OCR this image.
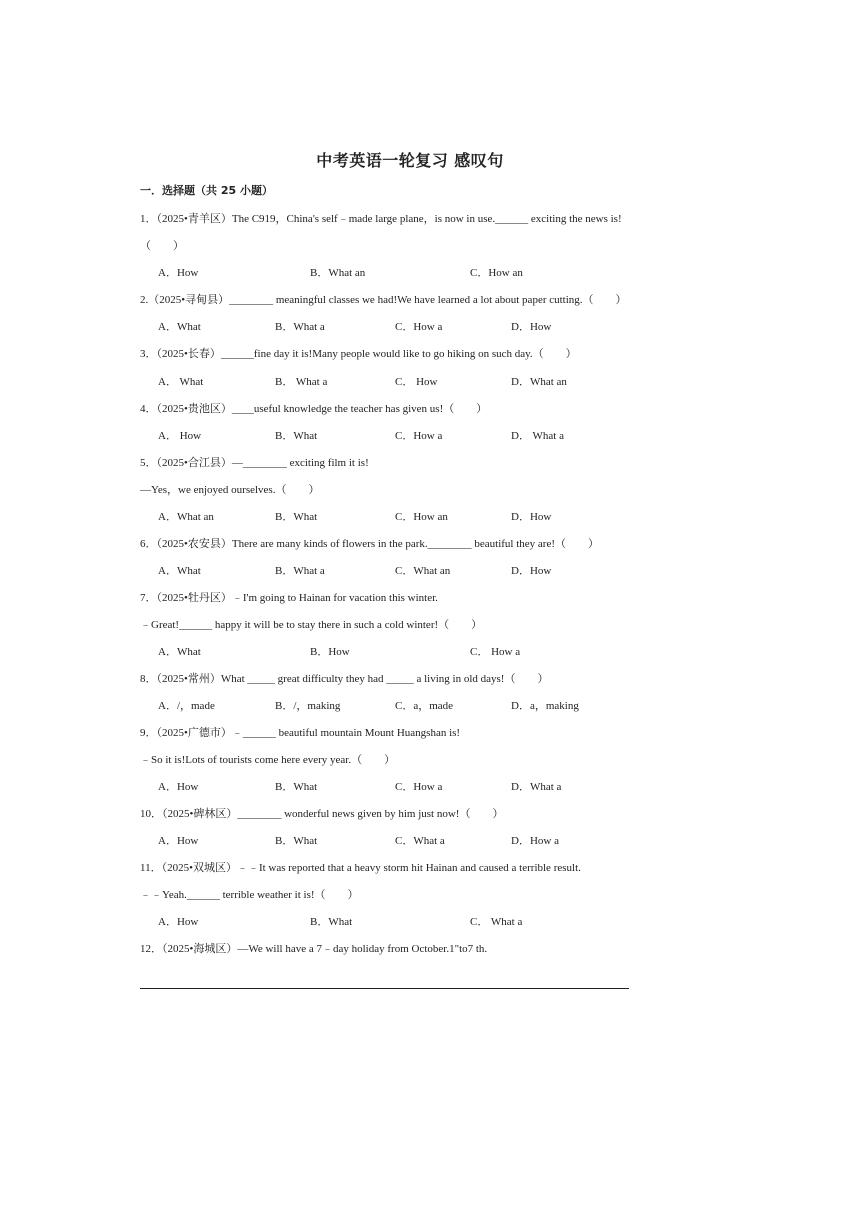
中考英语一轮复习 感叹句
一．选择题（共 25 小题）
1．（2025•青羊区）The C919，China's self﹣made large plane，is now in use.______ exciting the news is!
（　　）
A．How	B．What an	C．How an
2.（2025•寻甸县）________ meaningful classes we had!We have learned a lot about paper cutting.（　　）
A．What	B．What a	C．How a	D．How
3．（2025•长春）______fine day it is!Many people would like to go hiking on such day.（　　）
A． What	B． What a	C． How	D．What an
4．（2025•贵池区）____useful knowledge the teacher has given us!（　　）
A． How	B．What	C．How a	D． What a
5．（2025•合江县）—________ exciting film it is!
—Yes，we enjoyed ourselves.（　　）
A．What an	B．What	C．How an	D．How
6．（2025•农安县）There are many kinds of flowers in the park.________ beautiful they are!（　　）
A．What	B．What a	C．What an	D．How
7．（2025•牡丹区）﹣I'm going to Hainan for vacation this winter.
﹣Great!______ happy it will be to stay there in such a cold winter!（　　）
A．What	B．How	C． How a
8．（2025•常州）What _____ great difficulty they had _____ a living in old days!（　　）
A．/，made	B．/，making	C．a，made	D．a，making
9．（2025•广德市）﹣______ beautiful mountain Mount Huangshan is!
﹣So it is!Lots of tourists come here every year.（　　）
A．How	B．What	C．How a	D．What a
10．（2025•碑林区）________ wonderful news given by him just now!（　　）
A．How	B．What	C．What a	D．How a
11．（2025•双城区）﹣﹣It was reported that a heavy storm hit Hainan and caused a terrible result.
﹣﹣Yeah.______ terrible weather it is!（　　）
A．How	B．What	C． What a
12．（2025•海城区）—We will have a 7﹣day holiday from October.1"to7 th.
